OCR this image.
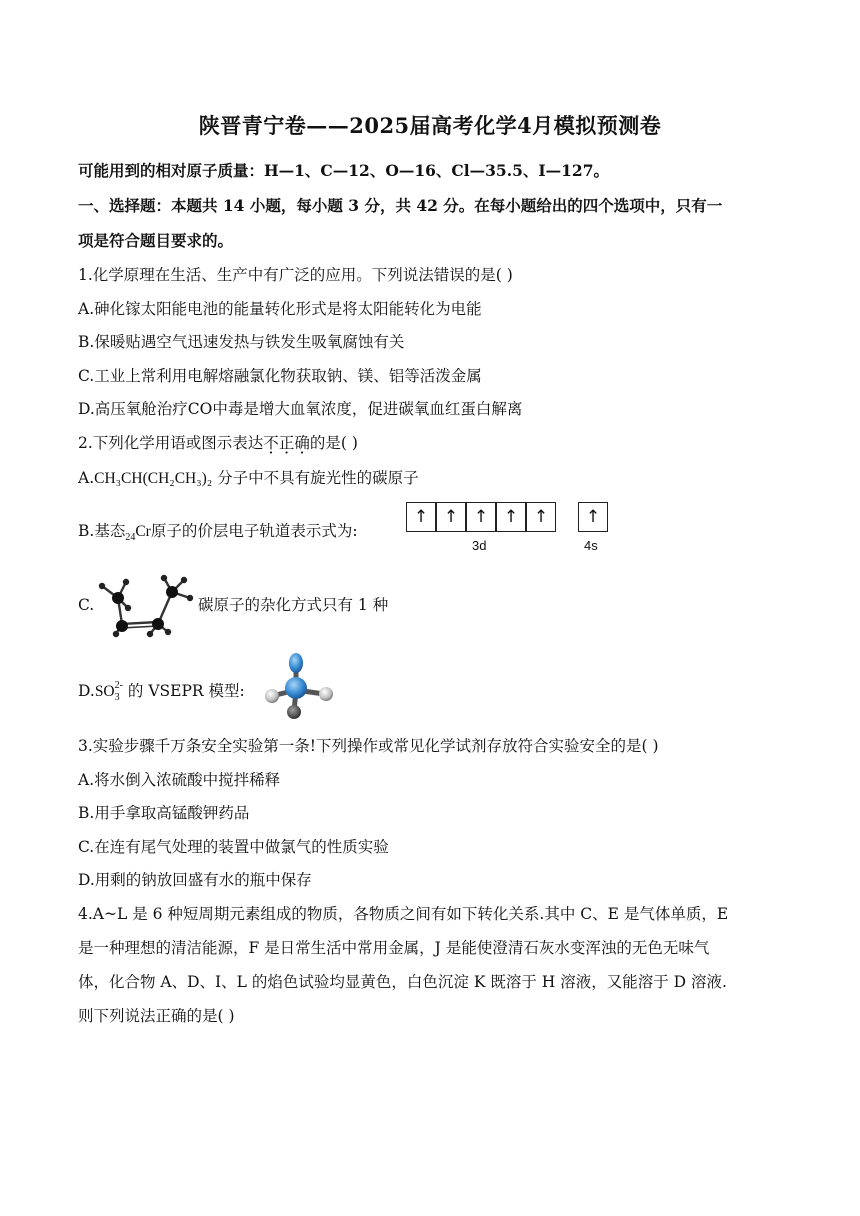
陕晋青宁卷——2025届高考化学4月模拟预测卷
可能用到的相对原子质量：H—1、C—12、O—16、Cl—35.5、I—127。
一、选择题：本题共 14 小题，每小题 3 分，共 42 分。在每小题给出的四个选项中，只有一
项是符合题目要求的。
1.化学原理在生活、生产中有广泛的应用。下列说法错误的是( )
A.砷化镓太阳能电池的能量转化形式是将太阳能转化为电能
B.保暖贴遇空气迅速发热与铁发生吸氧腐蚀有关
C.工业上常利用电解熔融氯化物获取钠、镁、铝等活泼金属
D.高压氧舱治疗CO中毒是增大血氧浓度，促进碳氧血红蛋白解离
2.下列化学用语或图示表达不正确的是( )
A.CH₃CH(CH₂CH₃)₂ 分子中不具有旋光性的碳原子
B.基态$_{24}$Cr原子的价层电子轨道表示式为:
↑ ↑ ↑ ↑ ↑	↑
3d	4s
C.	碳原子的杂化方式只有 1 种
$D.SO_3^{2-}$ 的 VSEPR 模型:
3.实验步骤千万条安全实验第一条!下列操作或常见化学试剂存放符合实验安全的是( )
A.将水倒入浓硫酸中搅拌稀释
B.用手拿取高锰酸钾药品
C.在连有尾气处理的装置中做氯气的性质实验
D.用剩的钠放回盛有水的瓶中保存
4.A~L 是 6 种短周期元素组成的物质，各物质之间有如下转化关系.其中 C、E 是气体单质，E
是一种理想的清洁能源，F 是日常生活中常用金属，J 是能使澄清石灰水变浑浊的无色无味气
体，化合物 A、D、I、L 的焰色试验均显黄色，白色沉淀 K 既溶于 H 溶液，又能溶于 D 溶液.
则下列说法正确的是( )
